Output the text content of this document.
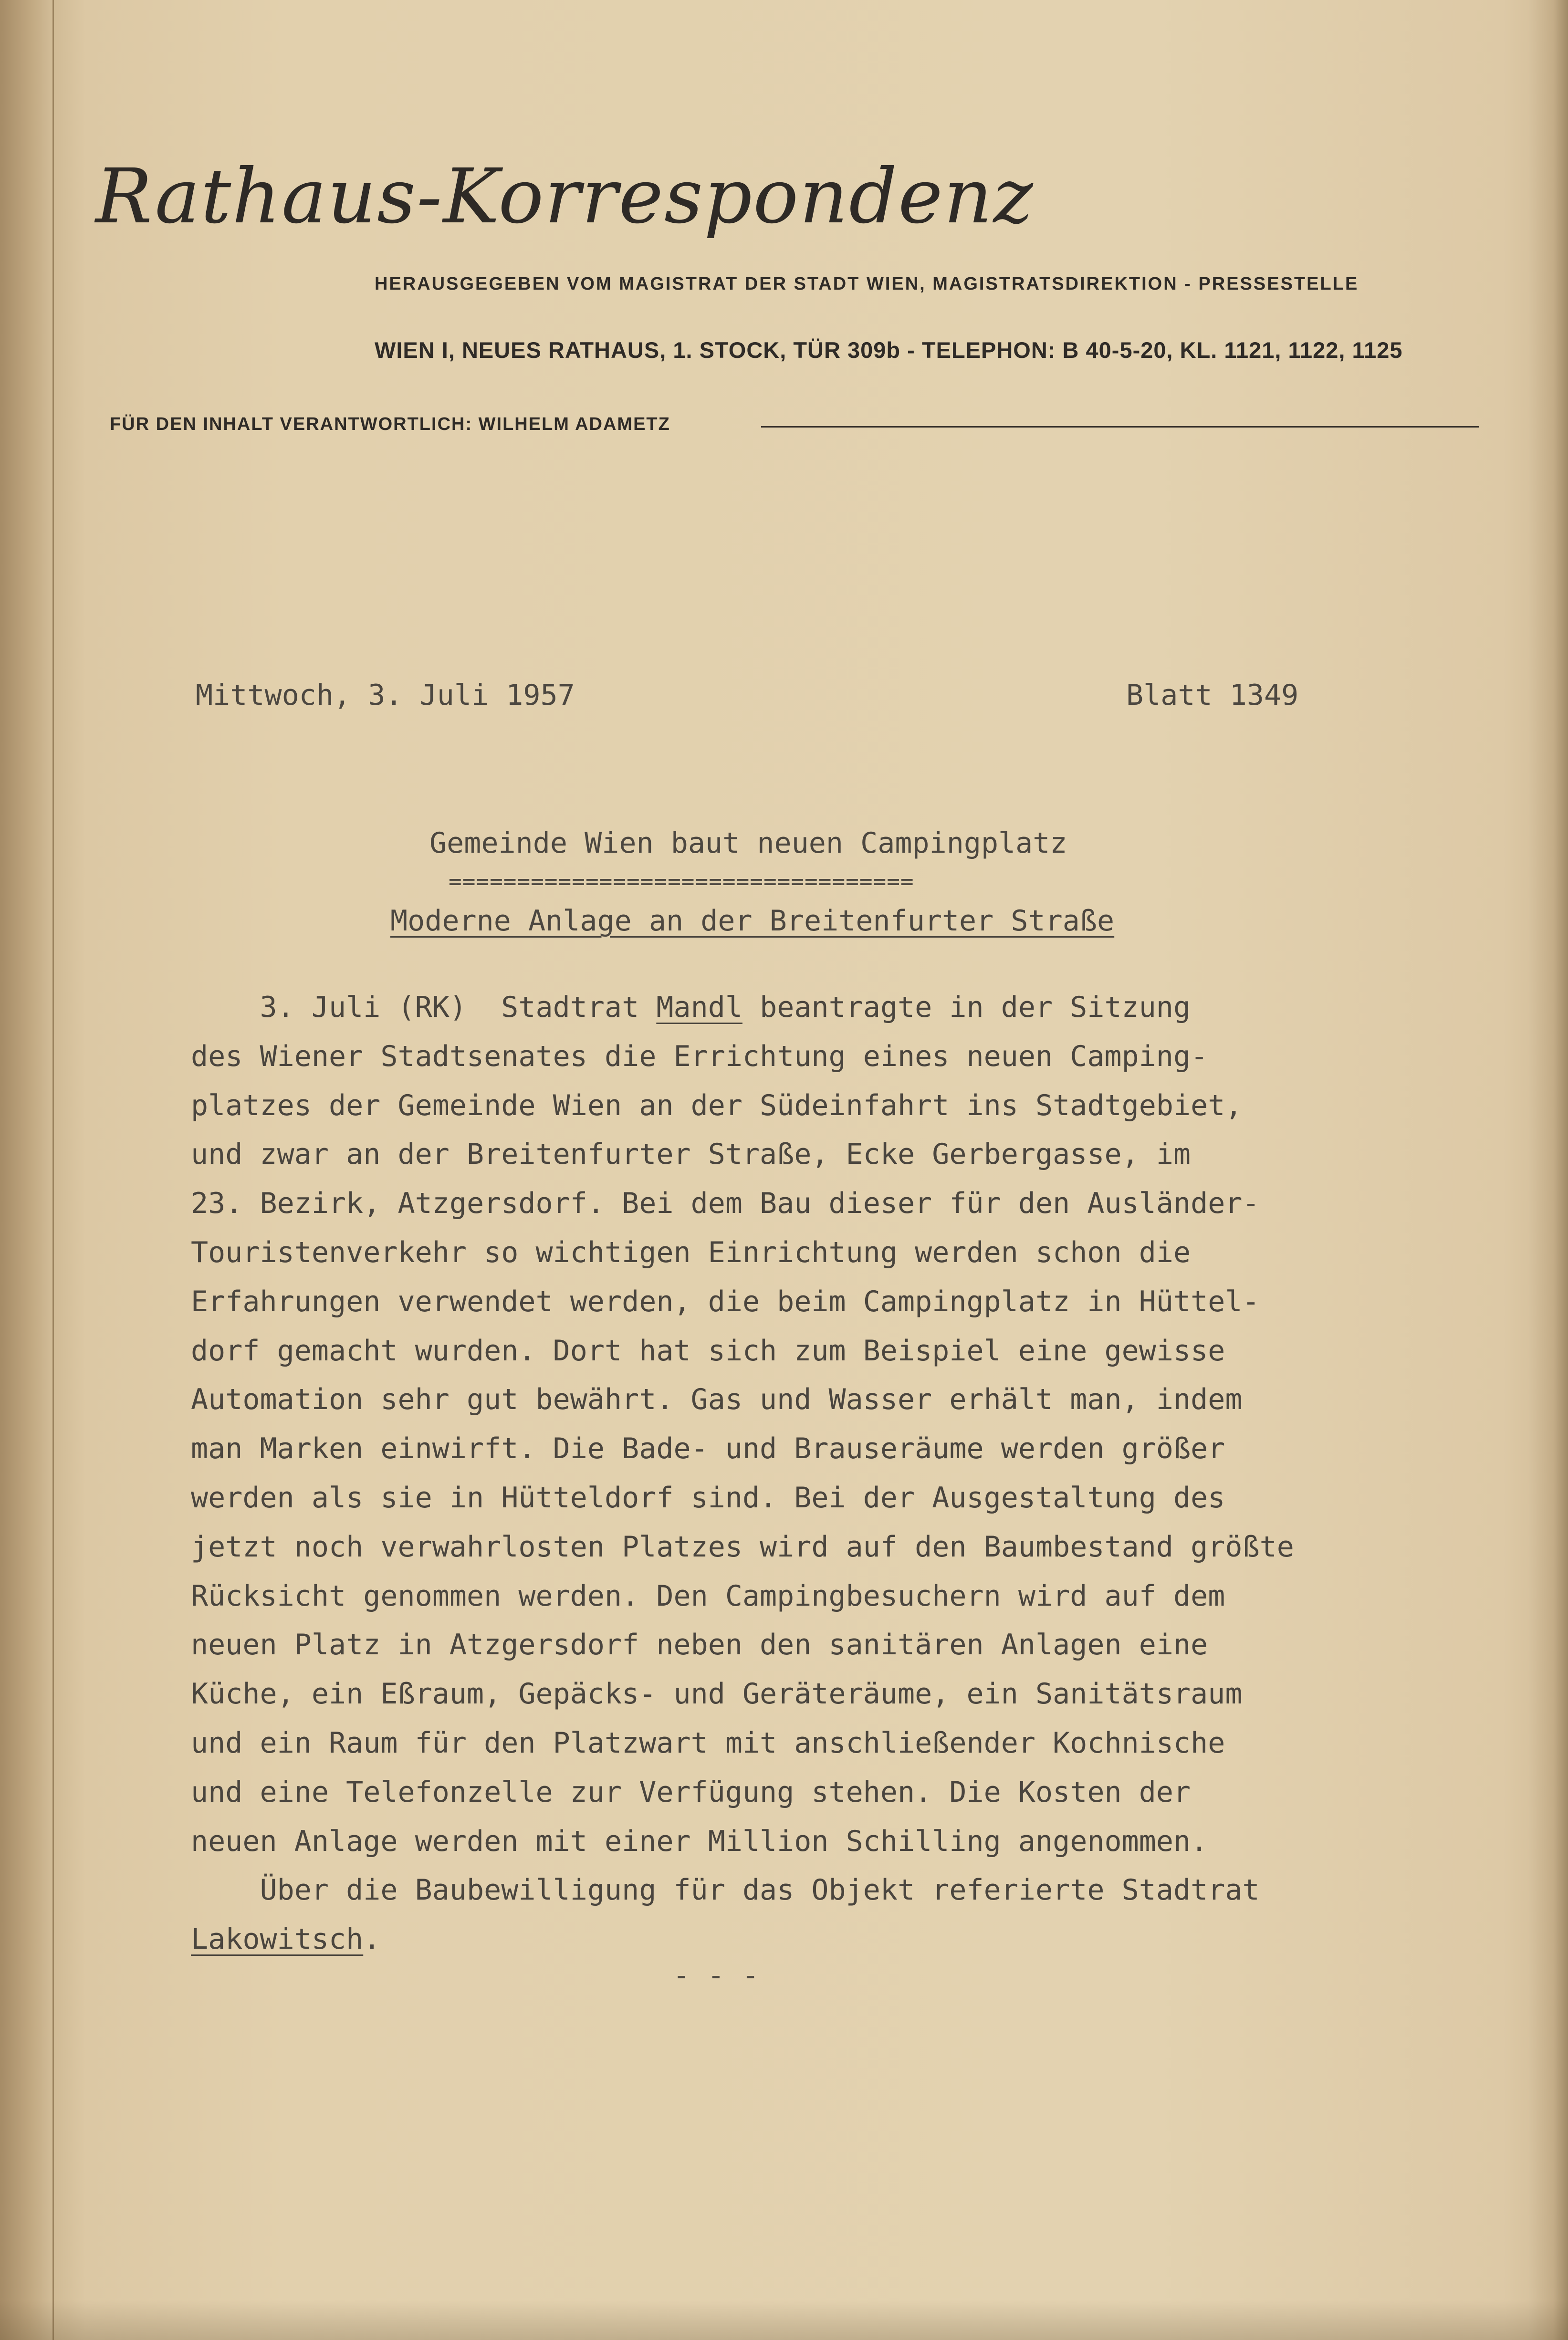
Rathaus-Korrespondenz
HERAUSGEGEBEN VOM MAGISTRAT DER STADT WIEN, MAGISTRATSDIREKTION - PRESSESTELLE
WIEN I, NEUES RATHAUS, 1. STOCK, TÜR 309b - TELEPHON: B 40-5-20, KL. 1121, 1122, 1125
FÜR DEN INHALT VERANTWORTLICH: WILHELM ADAMETZ
Mittwoch, 3. Juli 1957	Blatt 1349
Gemeinde Wien baut neuen Campingplatz
==================================
Moderne Anlage an der Breitenfurter Straße
3. Juli (RK)  Stadtrat Mandl beantragte in der Sitzung
des Wiener Stadtsenates die Errichtung eines neuen Camping-
platzes der Gemeinde Wien an der Südeinfahrt ins Stadtgebiet,
und zwar an der Breitenfurter Straße, Ecke Gerbergasse, im
23. Bezirk, Atzgersdorf. Bei dem Bau dieser für den Ausländer-
Touristenverkehr so wichtigen Einrichtung werden schon die
Erfahrungen verwendet werden, die beim Campingplatz in Hüttel-
dorf gemacht wurden. Dort hat sich zum Beispiel eine gewisse
Automation sehr gut bewährt. Gas und Wasser erhält man, indem
man Marken einwirft. Die Bade- und Brauseräume werden größer
werden als sie in Hütteldorf sind. Bei der Ausgestaltung des
jetzt noch verwahrlosten Platzes wird auf den Baumbestand größte
Rücksicht genommen werden. Den Campingbesuchern wird auf dem
neuen Platz in Atzgersdorf neben den sanitären Anlagen eine
Küche, ein Eßraum, Gepäcks- und Geräteräume, ein Sanitätsraum
und ein Raum für den Platzwart mit anschließender Kochnische
und eine Telefonzelle zur Verfügung stehen. Die Kosten der
neuen Anlage werden mit einer Million Schilling angenommen.
Über die Baubewilligung für das Objekt referierte Stadtrat
Lakowitsch.
- - -
